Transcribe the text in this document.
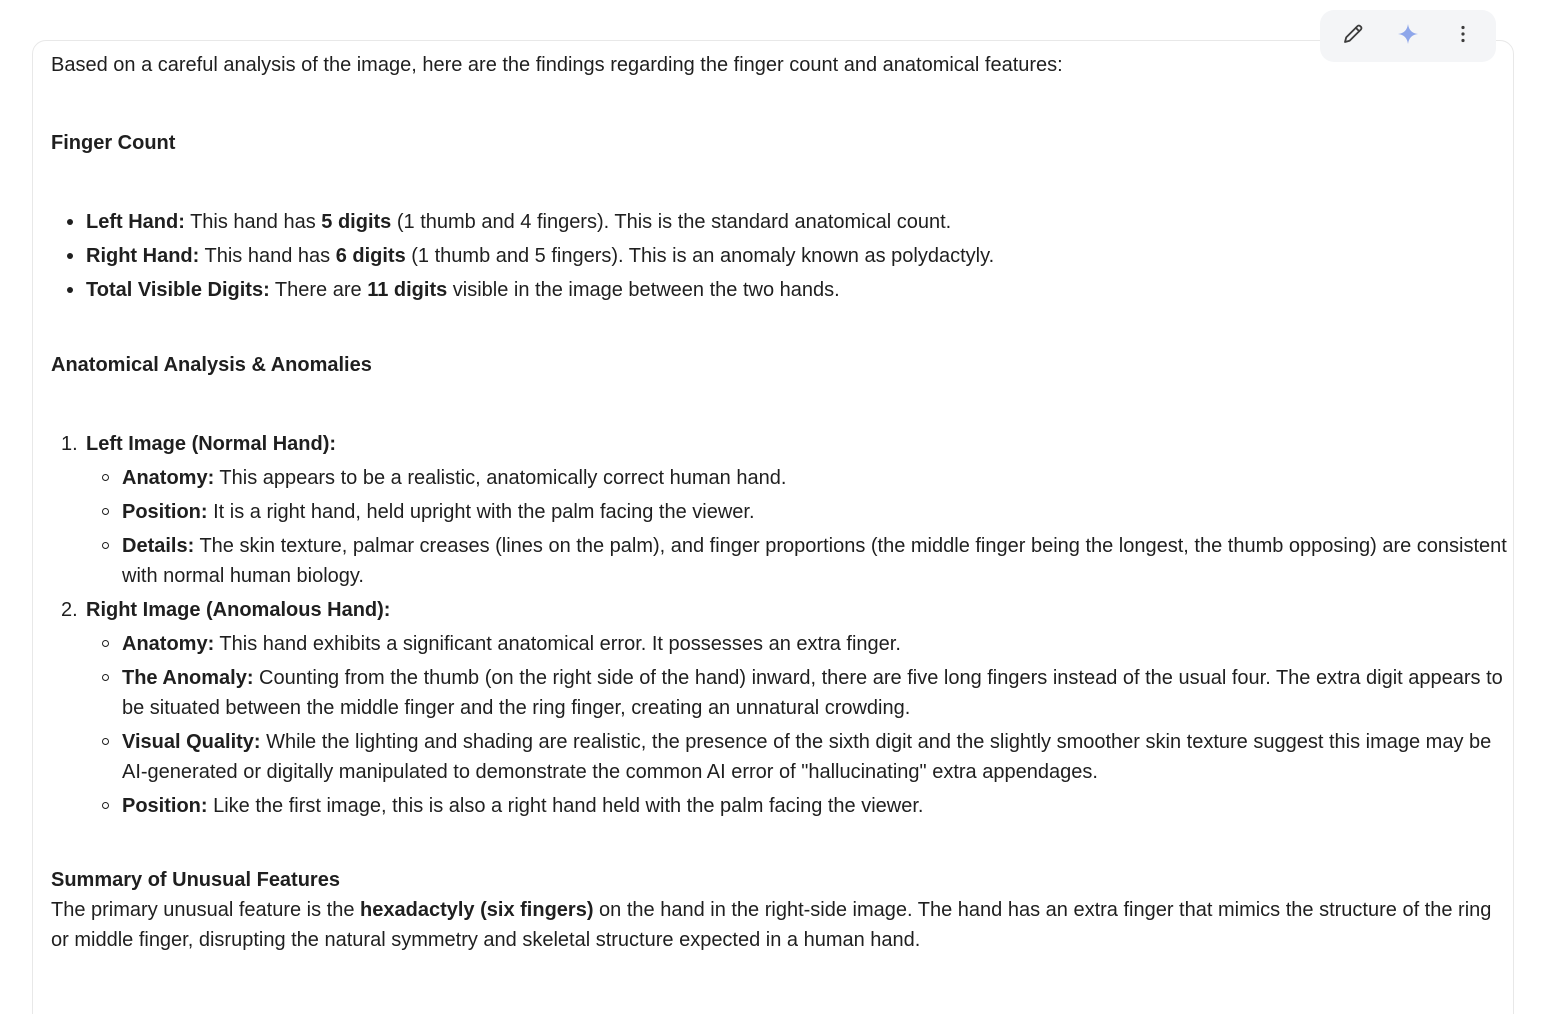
Based on a careful analysis of the image, here are the findings regarding the finger count and anatomical features:

Finger Count
Left Hand: This hand has 5 digits (1 thumb and 4 fingers). This is the standard anatomical count.
Right Hand: This hand has 6 digits (1 thumb and 5 fingers). This is an anomaly known as polydactyly.
Total Visible Digits: There are 11 digits visible in the image between the two hands.
Anatomical Analysis & Anomalies
1. Left Image (Normal Hand):
Anatomy: This appears to be a realistic, anatomically correct human hand.
Position: It is a right hand, held upright with the palm facing the viewer.
Details: The skin texture, palmar creases (lines on the palm), and finger proportions (the middle finger being the longest, the thumb opposing) are consistent with normal human biology.
2. Right Image (Anomalous Hand):
Anatomy: This hand exhibits a significant anatomical error. It possesses an extra finger.
The Anomaly: Counting from the thumb (on the right side of the hand) inward, there are five long fingers instead of the usual four. The extra digit appears to be situated between the middle finger and the ring finger, creating an unnatural crowding.
Visual Quality: While the lighting and shading are realistic, the presence of the sixth digit and the slightly smoother skin texture suggest this image may be AI-generated or digitally manipulated to demonstrate the common AI error of "hallucinating" extra appendages.
Position: Like the first image, this is also a right hand held with the palm facing the viewer.
Summary of Unusual Features

The primary unusual feature is the hexadactyly (six fingers) on the hand in the right-side image. The hand has an extra finger that mimics the structure of the ring or middle finger, disrupting the natural symmetry and skeletal structure expected in a human hand.
